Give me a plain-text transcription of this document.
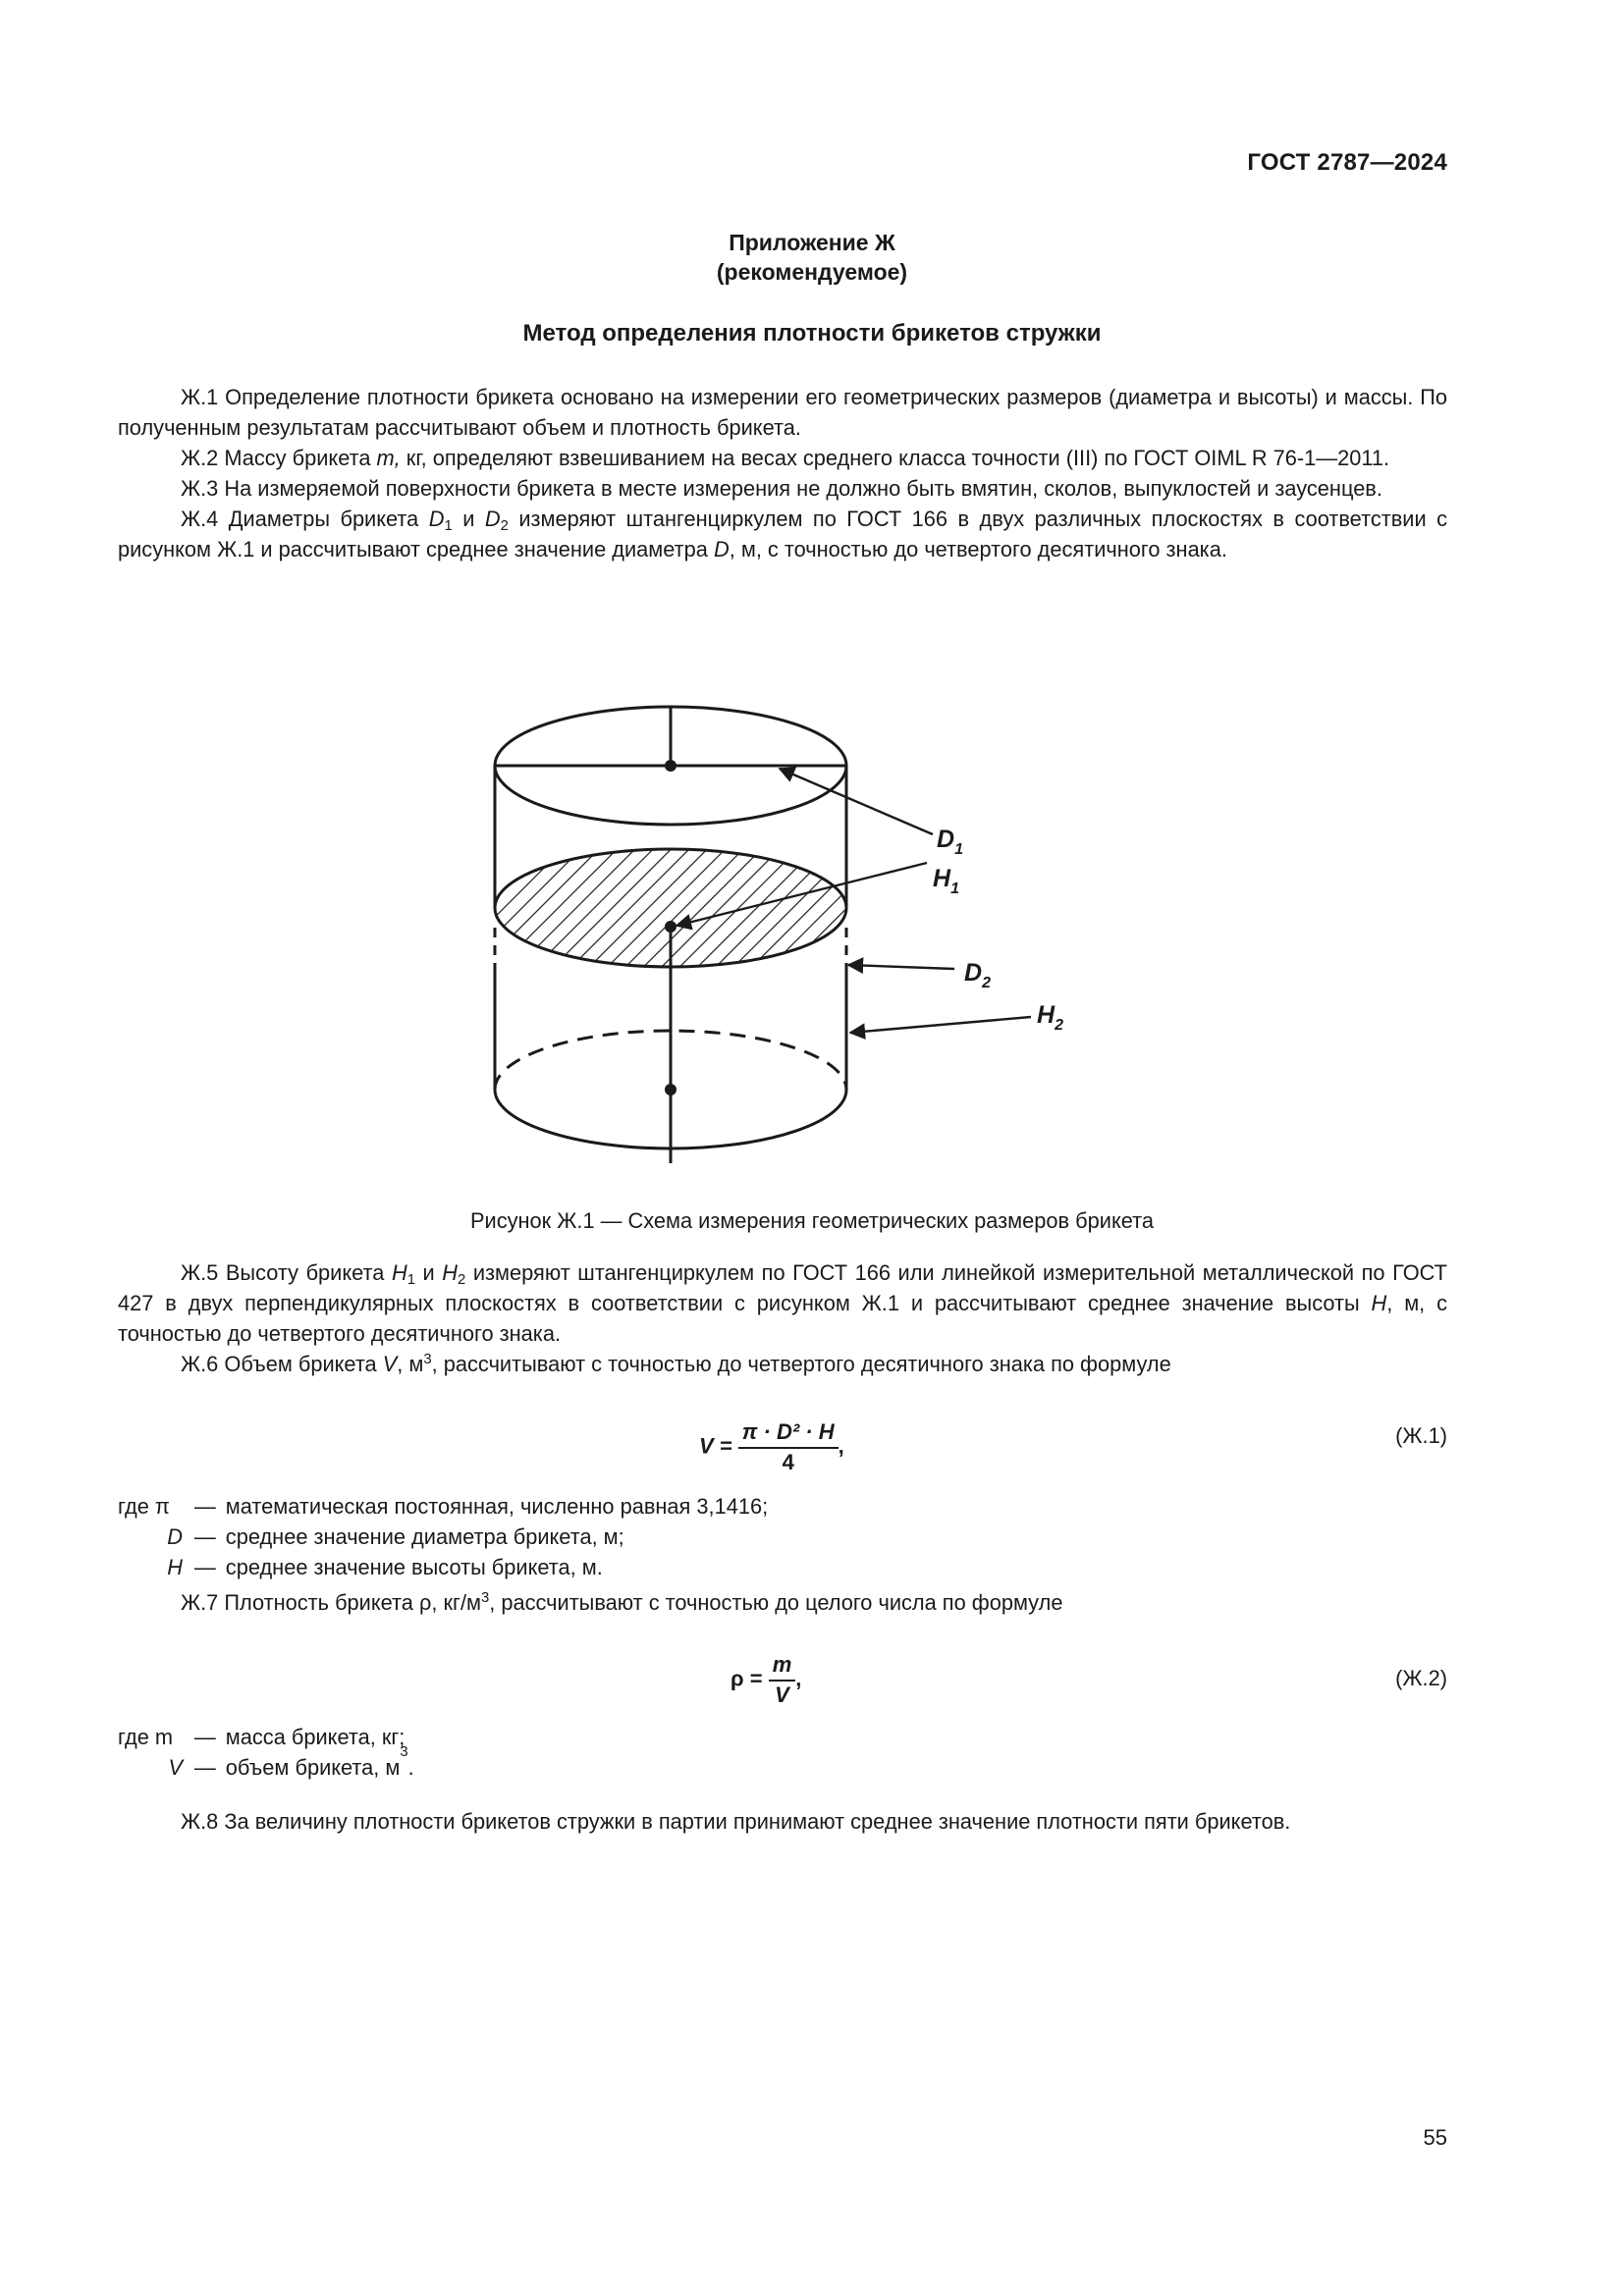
ГОСТ 2787—2024
Приложение Ж
(рекомендуемое)
Метод определения плотности брикетов стружки

Ж.1 Определение плотности брикета основано на измерении его геометрических размеров (диаметра и высоты) и массы. По полученным результатам рассчитывают объем и плотность брикета.

Ж.2 Массу брикета m, кг, определяют взвешиванием на весах среднего класса точности (III) по ГОСТ OIML R 76-1—2011.

Ж.3 На измеряемой поверхности брикета в месте измерения не должно быть вмятин, сколов, выпуклостей и заусенцев.

Ж.4 Диаметры брикета $D_1$ и $D_2$ измеряют штангенциркулем по ГОСТ 166 в двух различных плоскостях в соответствии с рисунком Ж.1 и рассчитывают среднее значение диаметра D, м, с точностью до четвертого десятичного знака.

$D_1$
$H_1$
$D_2$
$H_2$
Рисунок Ж.1 — Схема измерения геометрических размеров брикета

Ж.5 Высоту брикета $H_1$ и $H_2$ измеряют штангенциркулем по ГОСТ 166 или линейкой измерительной металлической по ГОСТ 427 в двух перпендикулярных плоскостях в соответствии с рисунком Ж.1 и рассчитывают среднее значение высоты H, м, с точностью до четвертого десятичного знака.

Ж.6 Объем брикета V, $м^3$, рассчитывают с точностью до четвертого десятичного знака по формуле

$V = \frac{\text{π · D² · H}}{4}$ ,	(Ж.1)
где π	— математическая постоянная, численно равная 3,1416;
D — среднее значение диаметра брикета, м;
H — среднее значение высоты брикета, м.

Ж.7 Плотность брикета ρ, $кг/м^3$, рассчитывают с точностью до целого числа по формуле

$\rho = \frac{m}{V}$ ,	(Ж.2)
где m	— масса брикета, кг;
V — объем брикета, м
3
.

Ж.8 За величину плотности брикетов стружки в партии принимают среднее значение плотности пяти брикетов.

55
